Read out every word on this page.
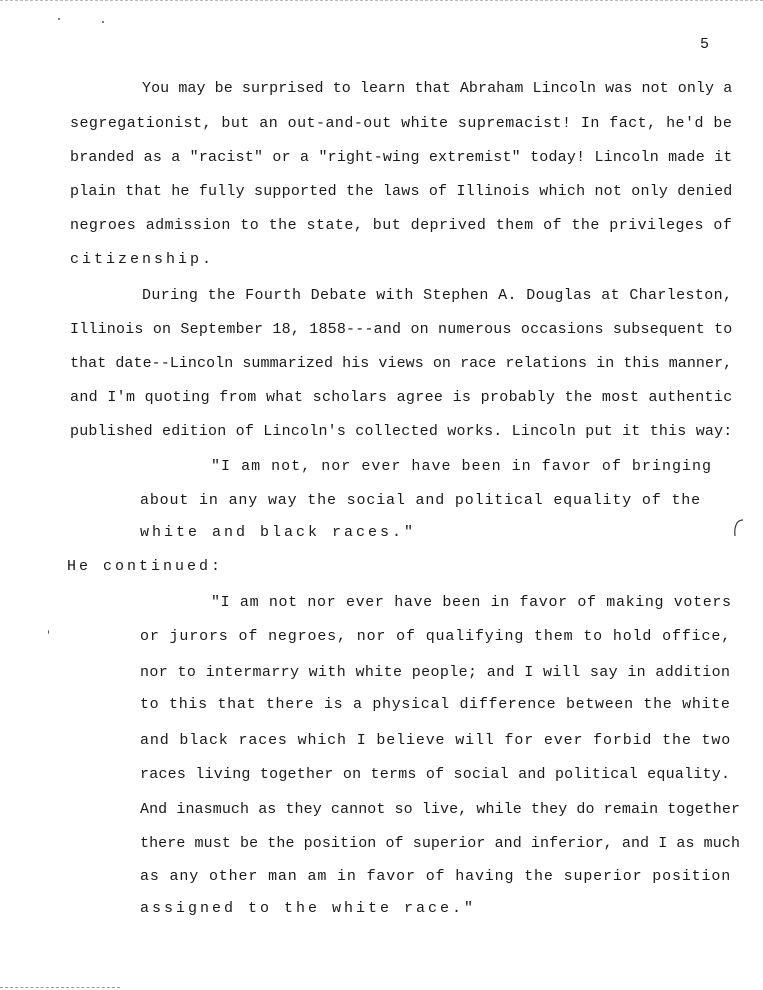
5
You may be surprised to learn that Abraham Lincoln was not only a
segregationist, but an out-and-out white supremacist! In fact, he'd be
branded as a "racist" or a "right-wing extremist" today! Lincoln made it
plain that he fully supported the laws of Illinois which not only denied
negroes admission to the state, but deprived them of the privileges of
citizenship.
During the Fourth Debate with Stephen A. Douglas at Charleston,
Illinois on September 18, 1858---and on numerous occasions subsequent to
that date--Lincoln summarized his views on race relations in this manner,
and I'm quoting from what scholars agree is probably the most authentic
published edition of Lincoln's collected works. Lincoln put it this way:
"I am not, nor ever have been in favor of bringing
about in any way the social and political equality of the
white and black races."
He continued:
"I am not nor ever have been in favor of making voters
or jurors of negroes, nor of qualifying them to hold office,
nor to intermarry with white people; and I will say in addition
to this that there is a physical difference between the white
and black races which I believe will for ever forbid the two
races living together on terms of social and political equality.
And inasmuch as they cannot so live, while they do remain together
there must be the position of superior and inferior, and I as much
as any other man am in favor of having the superior position
assigned to the white race."
